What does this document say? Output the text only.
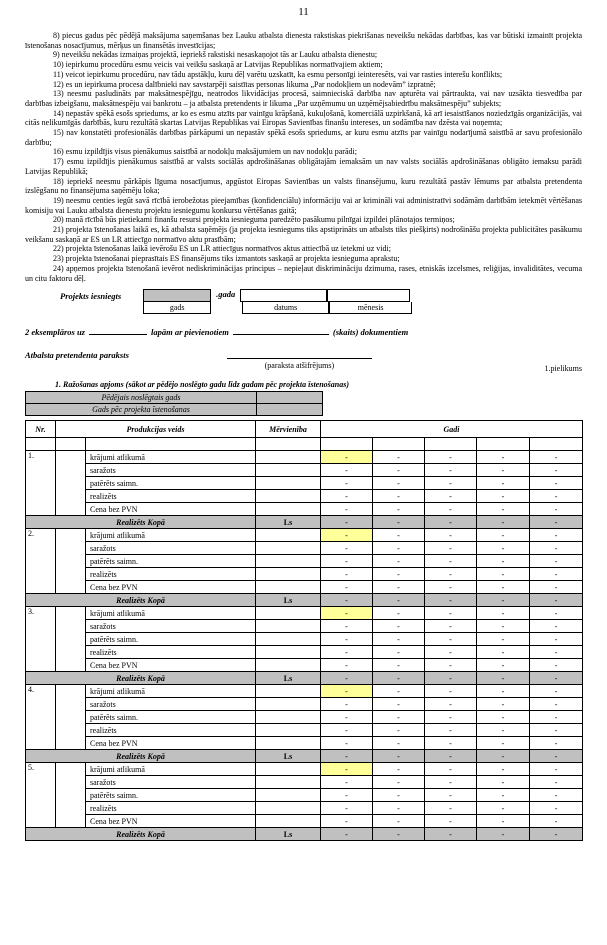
11

8) piecus gadus pēc pēdējā maksājuma saņemšanas bez Lauku atbalsta dienesta rakstiskas piekrišanas neveikšu nekādas darbības, kas var būtiski izmainīt projekta īstenošanas nosacījumus, mērķus un finansētās investīcijas;

9) neveikšu nekādas izmaiņas projektā, iepriekš rakstiski nesaskaņojot tās ar Lauku atbalsta dienestu;

10) iepirkumu procedūru esmu veicis vai veikšu saskaņā ar Latvijas Republikas normatīvajiem aktiem;

11) veicot iepirkumu procedūru, nav tādu apstākļu, kuru dēļ varētu uzskatīt, ka esmu personīgi ieinteresēts, vai var rasties interešu konflikts;

12) es un iepirkuma procesa dalībnieki nav savstarpēji saistītas personas likuma „Par nodokļiem un nodevām” izpratnē;

13) neesmu pasludināts par maksātnespējīgu, neatrodos likvidācijas procesā, saimnieciskā darbība nav apturēta vai pārtraukta, vai nav uzsākta tiesvedība par darbības izbeigšanu, maksātnespēju vai bankrotu – ja atbalsta pretendents ir likuma „Par uzņēmumu un uzņēmējsabiedrību maksātnespēju” subjekts;

14) nepastāv spēkā esošs spriedums, ar ko es esmu atzīts par vainīgu krāpšanā, kukuļošanā, komerciālā uzpirkšanā, kā arī iesaistīšanos noziedzīgās organizācijās, vai citās nelikumīgās darbībās, kuru rezultātā skartas Latvijas Republikas vai Eiropas Savienības finanšu intereses, un sodāmība nav dzēsta vai noņemta;

15) nav konstatēti profesionālās darbības pārkāpumi un nepastāv spēkā esošs spriedums, ar kuru esmu atzīts par vainīgu nodarījumā saistībā ar savu profesionālo darbību;

16) esmu izpildījis visus pienākumus saistībā ar nodokļu maksājumiem un nav nodokļu parādi;

17) esmu izpildījis pienākumus saistībā ar valsts sociālās apdrošināšanas obligātajām iemaksām un nav valsts sociālās apdrošināšanas obligāto iemaksu parādi Latvijas Republikā;

18) iepriekš neesmu pārkāpis līguma nosacījumus, apgūstot Eiropas Savienības un valsts finansējumu, kuru rezultātā pastāv lēmums par atbalsta pretendenta izslēgšanu no finansējuma saņēmēju loka;

19) neesmu centies iegūt savā rīcībā ierobežotas pieejamības (konfidenciālu) informāciju vai ar krimināli vai administratīvi sodāmām darbībām ietekmēt vērtēšanas komisiju vai Lauku atbalsta dienestu projektu iesniegumu konkursu vērtēšanas gaitā;

20) manā rīcībā būs pietiekami finanšu resursi projekta iesnieguma paredzēto pasākumu pilnīgai izpildei plānotajos termiņos;

21) projekta īstenošanas laikā es, kā atbalsta saņēmējs (ja projekta iesniegums tiks apstiprināts un atbalsts tiks piešķirts) nodrošināšu projekta publicitātes pasākumu veikšanu saskaņā ar ES un LR attiecīgo normatīvo aktu prasībām;

22) projekta īstenošanas laikā ievērošu ES un LR attiecīgus normatīvos aktus attiecībā uz ietekmi uz vidi;

23) projekta īstenošanai pieprasītais ES finansējums tiks izmantots saskaņā ar projekta iesnieguma aprakstu;

24) apņemos projekta īstenošanā ievērot nediskriminācijas principus – nepieļaut diskrimināciju dzimuma, rases, etniskās izcelsmes, reliģijas, invaliditātes, vecuma un citu faktoru dēļ.

Projekts iesniegts	.gada
gads	datums	mēnesis
2 eksemplāros uz	lapām ar pievienotiem	(skaits) dokumentiem
Atbalsta pretendenta paraksts
(paraksta atšifrējums)	1.pielikums
1. Ražošanas apjoms (sākot ar pēdējo noslēgto gadu līdz gadam pēc projekta īstenošanas)
Pēdējais noslēgtais gads	
Gads pēc projekta īstenošanas	
Nr.	Produkcijas veids		Mērvienība	Gadi				

1.		krājumi atlikumā		-	-	-	-	-
		saražots		-	-	-	-	-
		patērēts saimn.		-	-	-	-	-
		realizēts		-	-	-	-	-
		Cena bez PVN		-	-	-	-	-
Realizēts Kopā			Ls	-	-	-	-	-
2.		krājumi atlikumā		-	-	-	-	-
		saražots		-	-	-	-	-
		patērēts saimn.		-	-	-	-	-
		realizēts		-	-	-	-	-
		Cena bez PVN		-	-	-	-	-
Realizēts Kopā			Ls	-	-	-	-	-
3.		krājumi atlikumā		-	-	-	-	-
		saražots		-	-	-	-	-
		patērēts saimn.		-	-	-	-	-
		realizēts		-	-	-	-	-
		Cena bez PVN		-	-	-	-	-
Realizēts Kopā			Ls	-	-	-	-	-
4.		krājumi atlikumā		-	-	-	-	-
		saražots		-	-	-	-	-
		patērēts saimn.		-	-	-	-	-
		realizēts		-	-	-	-	-
		Cena bez PVN		-	-	-	-	-
Realizēts Kopā			Ls	-	-	-	-	-
5.		krājumi atlikumā		-	-	-	-	-
		saražots		-	-	-	-	-
		patērēts saimn.		-	-	-	-	-
		realizēts		-	-	-	-	-
		Cena bez PVN		-	-	-	-	-
Realizēts Kopā			Ls	-	-	-	-	-
